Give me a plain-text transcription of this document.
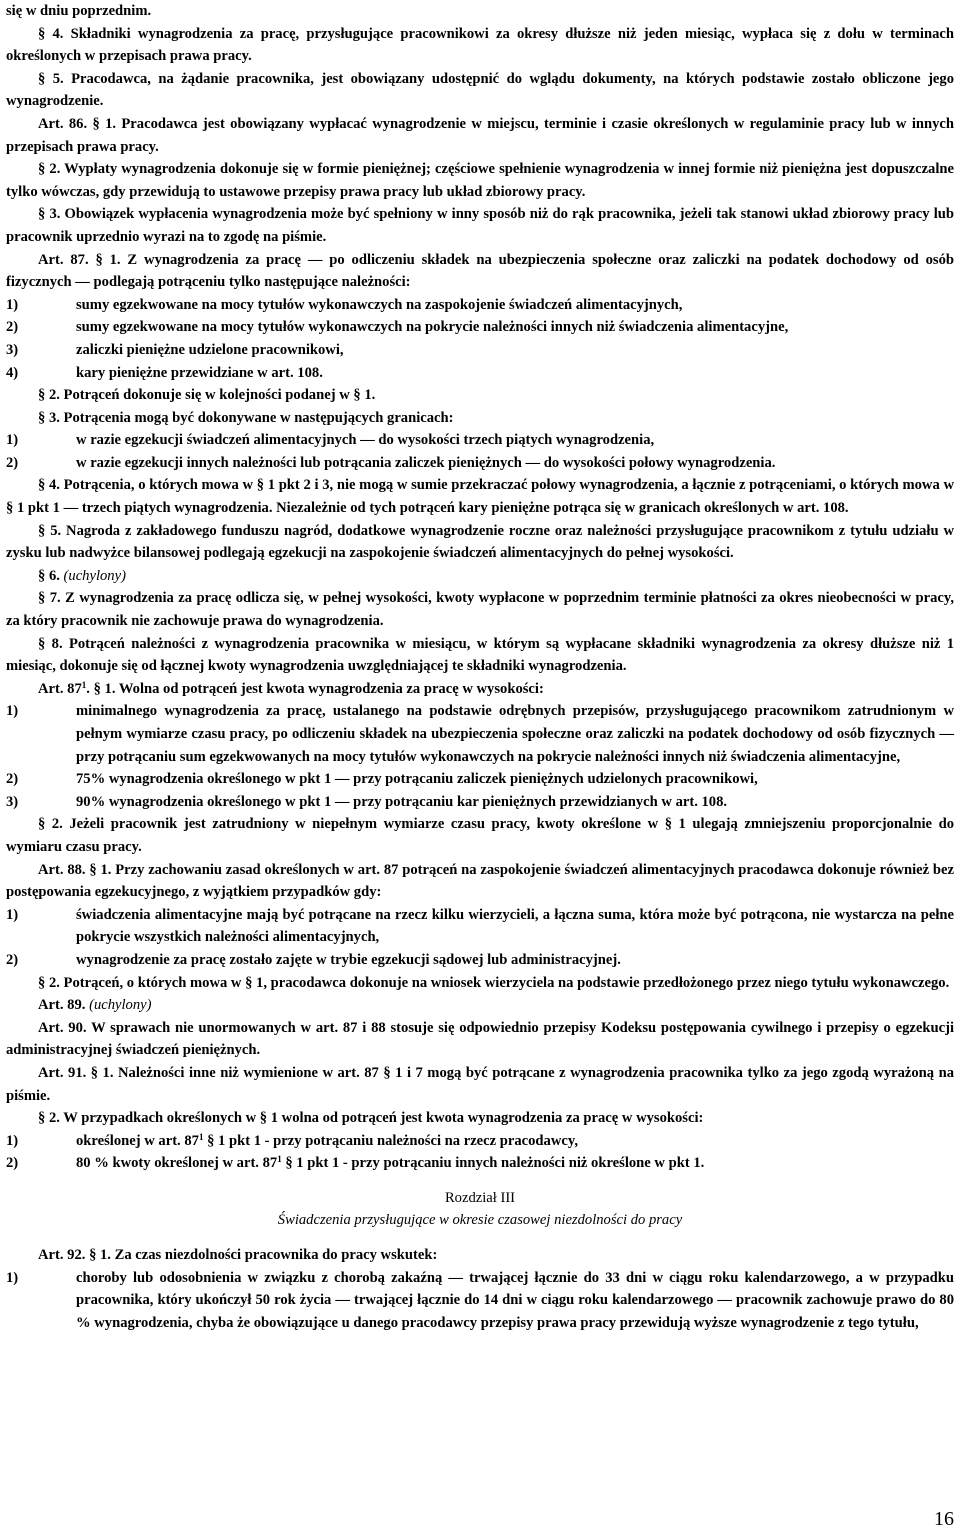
się w dniu poprzednim.

§ 4. Składniki wynagrodzenia za pracę, przysługujące pracownikowi za okresy dłuższe niż jeden miesiąc, wypłaca się z dołu w terminach określonych w przepisach prawa pracy.

§ 5. Pracodawca, na żądanie pracownika, jest obowiązany udostępnić do wglądu dokumenty, na których podstawie zostało obliczone jego wynagrodzenie.

Art. 86. § 1. Pracodawca jest obowiązany wypłacać wynagrodzenie w miejscu, terminie i czasie określonych w regulaminie pracy lub w innych przepisach prawa pracy.

§ 2. Wypłaty wynagrodzenia dokonuje się w formie pieniężnej; częściowe spełnienie wynagrodzenia w innej formie niż pieniężna jest dopuszczalne tylko wówczas, gdy przewidują to ustawowe przepisy prawa pracy lub układ zbiorowy pracy.

§ 3. Obowiązek wypłacenia wynagrodzenia może być spełniony w inny sposób niż do rąk pracownika, jeżeli tak stanowi układ zbiorowy pracy lub pracownik uprzednio wyrazi na to zgodę na piśmie.

Art. 87. § 1. Z wynagrodzenia za pracę — po odliczeniu składek na ubezpieczenia społeczne oraz zaliczki na podatek dochodowy od osób fizycznych — podlegają potrąceniu tylko następujące należności:

1)	sumy egzekwowane na mocy tytułów wykonawczych na zaspokojenie świadczeń alimentacyjnych,

2)	sumy egzekwowane na mocy tytułów wykonawczych na pokrycie należności innych niż świadczenia alimentacyjne,

3)	zaliczki pieniężne udzielone pracownikowi,

4)	kary pieniężne przewidziane w art. 108.

§ 2. Potrąceń dokonuje się w kolejności podanej w § 1.

§ 3. Potrącenia mogą być dokonywane w następujących granicach:

1)	w razie egzekucji świadczeń alimentacyjnych — do wysokości trzech piątych wynagrodzenia,

2)	w razie egzekucji innych należności lub potrącania zaliczek pieniężnych — do wysokości połowy wynagrodzenia.

§ 4. Potrącenia, o których mowa w § 1 pkt 2 i 3, nie mogą w sumie przekraczać połowy wynagrodzenia, a łącznie z potrąceniami, o których mowa w § 1 pkt 1 — trzech piątych wynagrodzenia. Niezależnie od tych potrąceń kary pieniężne potrąca się w granicach określonych w art. 108.

§ 5. Nagroda z zakładowego funduszu nagród, dodatkowe wynagrodzenie roczne oraz należności przysługujące pracownikom z tytułu udziału w zysku lub nadwyżce bilansowej podlegają egzekucji na zaspokojenie świadczeń alimentacyjnych do pełnej wysokości.

§ 6. (uchylony)

§ 7. Z wynagrodzenia za pracę odlicza się, w pełnej wysokości, kwoty wypłacone w poprzednim terminie płatności za okres nieobecności w pracy, za który pracownik nie zachowuje prawa do wynagrodzenia.

§ 8. Potrąceń należności z wynagrodzenia pracownika w miesiącu, w którym są wypłacane składniki wynagrodzenia za okresy dłuższe niż 1 miesiąc, dokonuje się od łącznej kwoty wynagrodzenia uwzględniającej te składniki wynagrodzenia.

Art. $87^1$. § 1. Wolna od potrąceń jest kwota wynagrodzenia za pracę w wysokości:

1)	minimalnego wynagrodzenia za pracę, ustalanego na podstawie odrębnych przepisów, przysługującego pracownikom zatrudnionym w pełnym wymiarze czasu pracy, po odliczeniu składek na ubezpieczenia społeczne oraz zaliczki na podatek dochodowy od osób fizycznych — przy potrącaniu sum egzekwowanych na mocy tytułów wykonawczych na pokrycie należności innych niż świadczenia alimentacyjne,

2)	75% wynagrodzenia określonego w pkt 1 — przy potrącaniu zaliczek pieniężnych udzielonych pracownikowi,

3)	90% wynagrodzenia określonego w pkt 1 — przy potrącaniu kar pieniężnych przewidzianych w art. 108.

§ 2. Jeżeli pracownik jest zatrudniony w niepełnym wymiarze czasu pracy, kwoty określone w § 1 ulegają zmniejszeniu proporcjonalnie do wymiaru czasu pracy.

Art. 88. § 1. Przy zachowaniu zasad określonych w art. 87 potrąceń na zaspokojenie świadczeń alimentacyjnych pracodawca dokonuje również bez postępowania egzekucyjnego, z wyjątkiem przypadków gdy:

1)	świadczenia alimentacyjne mają być potrącane na rzecz kilku wierzycieli, a łączna suma, która może być potrącona, nie wystarcza na pełne pokrycie wszystkich należności alimentacyjnych,

2)	wynagrodzenie za pracę zostało zajęte w trybie egzekucji sądowej lub administracyjnej.

§ 2. Potrąceń, o których mowa w § 1, pracodawca dokonuje na wniosek wierzyciela na podstawie przedłożonego przez niego tytułu wykonawczego.

Art. 89. (uchylony)

Art. 90. W sprawach nie unormowanych w art. 87 i 88 stosuje się odpowiednio przepisy Kodeksu postępowania cywilnego i przepisy o egzekucji administracyjnej świadczeń pieniężnych.

Art. 91. § 1. Należności inne niż wymienione w art. 87 § 1 i 7 mogą być potrącane z wynagrodzenia pracownika tylko za jego zgodą wyrażoną na piśmie.

§ 2. W przypadkach określonych w § 1 wolna od potrąceń jest kwota wynagrodzenia za pracę w wysokości:

1)	określonej w art. $87^1$ § 1 pkt 1 - przy potrącaniu należności na rzecz pracodawcy,

2)	80 % kwoty określonej w art. $87^1$ § 1 pkt 1 - przy potrącaniu innych należności niż określone w pkt 1.

Rozdział III

Świadczenia przysługujące w okresie czasowej niezdolności do pracy

Art. 92. § 1. Za czas niezdolności pracownika do pracy wskutek:

1)	choroby lub odosobnienia w związku z chorobą zakaźną — trwającej łącznie do 33 dni w ciągu roku kalendarzowego, a w przypadku pracownika, który ukończył 50 rok życia — trwającej łącznie do 14 dni w ciągu roku kalendarzowego — pracownik zachowuje prawo do 80 % wynagrodzenia, chyba że obowiązujące u danego pracodawcy przepisy prawa pracy przewidują wyższe wynagrodzenie z tego tytułu,

16
